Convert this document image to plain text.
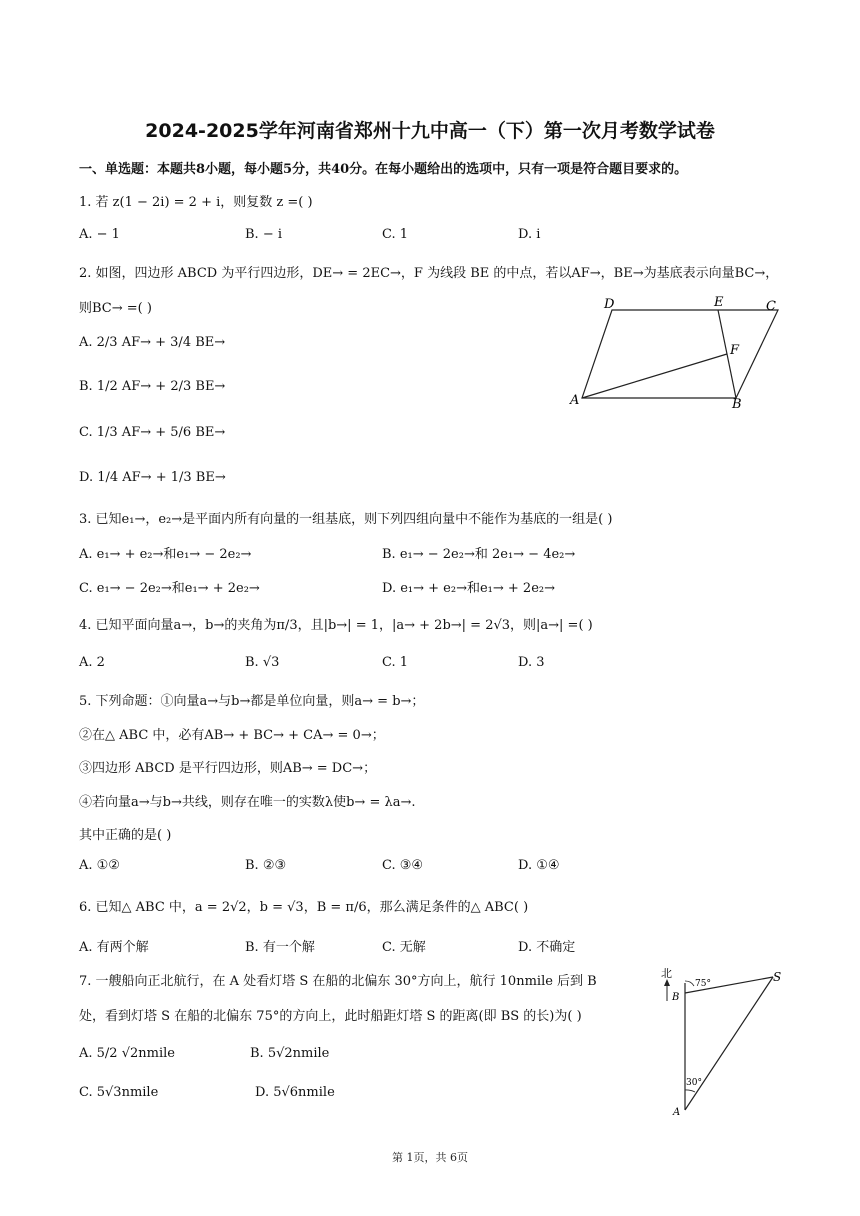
2024-2025学年河南省郑州十九中高一（下）第一次月考数学试卷
一、单选题：本题共8小题，每小题5分，共40分。在每小题给出的选项中，只有一项是符合题目要求的。
1. 若 z(1 − 2i) = 2 + i，则复数 z =( )
A. − 1	B. − i	C. 1	D. i
2. 如图，四边形 ABCD 为平行四边形，DE→ = 2EC→，F 为线段 BE 的中点，若以AF→，BE→为基底表示向量BC→，
则BC→ =( )
A. 2/3 AF→ + 3/4 BE→
B. 1/2 AF→ + 2/3 BE→
C. 1/3 AF→ + 5/6 BE→
D. 1/4 AF→ + 1/3 BE→
D	E	C
F
A	B
3. 已知e₁→，e₂→是平面内所有向量的一组基底，则下列四组向量中不能作为基底的一组是( )
A. e₁→ + e₂→和e₁→ − 2e₂→	B. e₁→ − 2e₂→和 2e₁→ − 4e₂→
C. e₁→ − 2e₂→和e₁→ + 2e₂→	D. e₁→ + e₂→和e₁→ + 2e₂→
4. 已知平面向量a→，b→的夹角为π/3，且|b→| = 1，|a→ + 2b→| = 2√3，则|a→| =( )
A. 2	B. √3	C. 1	D. 3
5. 下列命题：①向量a→与b→都是单位向量，则a→ = b→；
②在△ ABC 中，必有AB→ + BC→ + CA→ = 0→；
③四边形 ABCD 是平行四边形，则AB→ = DC→；
④若向量a→与b→共线，则存在唯一的实数λ使b→ = λa→.
其中正确的是( )
A. ①②	B. ②③	C. ③④	D. ①④
6. 已知△ ABC 中，a = 2√2，b = √3，B = π/6，那么满足条件的△ ABC( )
A. 有两个解	B. 有一个解	C. 无解	D. 不确定
7. 一艘船向正北航行，在 A 处看灯塔 S 在船的北偏东 30°方向上，航行 10nmile 后到 B
处，看到灯塔 S 在船的北偏东 75°的方向上，此时船距灯塔 S 的距离(即 BS 的长)为( )
A. 5/2 √2nmile	B. 5√2nmile
C. 5√3nmile	D. 5√6nmile
北
75°	S
B
30°
A
第 1页，共 6页
